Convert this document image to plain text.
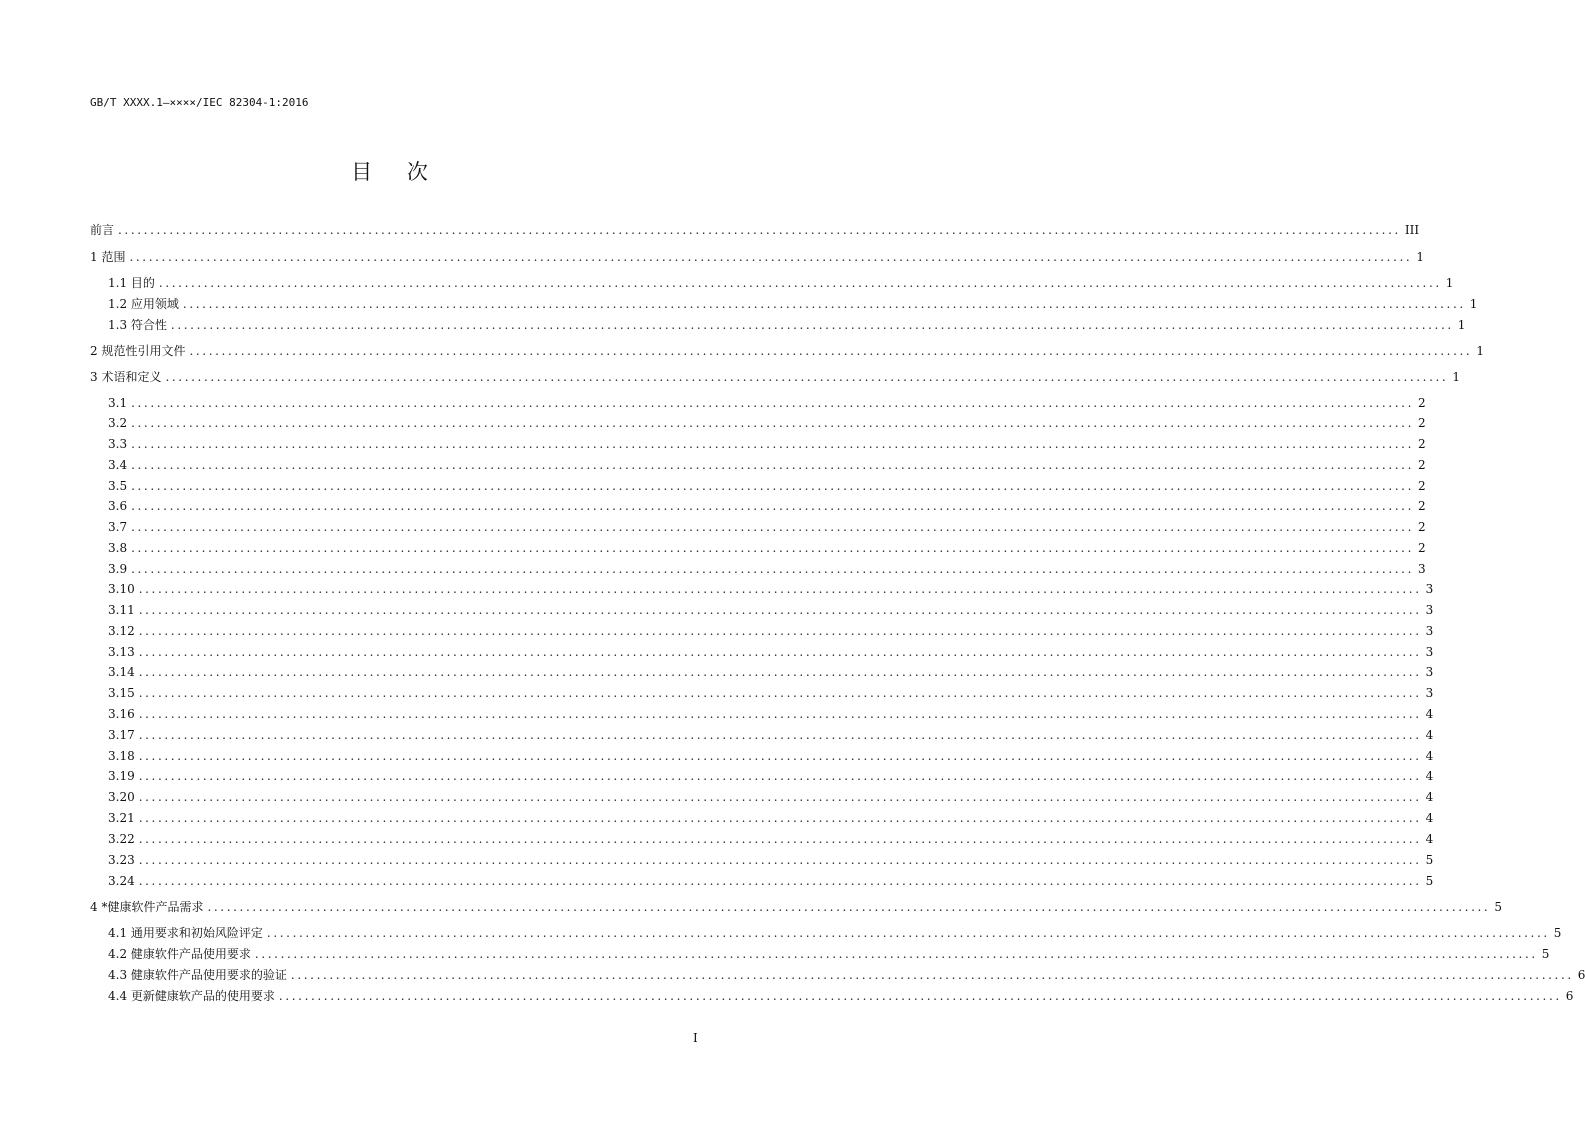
GB/T XXXX.1—××××/IEC 82304-1:2016
目 次
前言 ........................................................................................................................................................................................................ III
1 范围 ........................................................................................................................................................................................................ 1
1.1 目的 ........................................................................................................................................................................................................ 1
1.2 应用领域 ........................................................................................................................................................................................................ 1
1.3 符合性 ........................................................................................................................................................................................................ 1
2 规范性引用文件 ........................................................................................................................................................................................................ 1
3 术语和定义 ........................................................................................................................................................................................................ 1
3.1 ........................................................................................................................................................................................................ 2
3.2 ........................................................................................................................................................................................................ 2
3.3 ........................................................................................................................................................................................................ 2
3.4 ........................................................................................................................................................................................................ 2
3.5 ........................................................................................................................................................................................................ 2
3.6 ........................................................................................................................................................................................................ 2
3.7 ........................................................................................................................................................................................................ 2
3.8 ........................................................................................................................................................................................................ 2
3.9 ........................................................................................................................................................................................................ 3
3.10 ........................................................................................................................................................................................................ 3
3.11 ........................................................................................................................................................................................................ 3
3.12 ........................................................................................................................................................................................................ 3
3.13 ........................................................................................................................................................................................................ 3
3.14 ........................................................................................................................................................................................................ 3
3.15 ........................................................................................................................................................................................................ 3
3.16 ........................................................................................................................................................................................................ 4
3.17 ........................................................................................................................................................................................................ 4
3.18 ........................................................................................................................................................................................................ 4
3.19 ........................................................................................................................................................................................................ 4
3.20 ........................................................................................................................................................................................................ 4
3.21 ........................................................................................................................................................................................................ 4
3.22 ........................................................................................................................................................................................................ 4
3.23 ........................................................................................................................................................................................................ 5
3.24 ........................................................................................................................................................................................................ 5
4 *健康软件产品需求 ........................................................................................................................................................................................................ 5
4.1 通用要求和初始风险评定 ........................................................................................................................................................................................................ 5
4.2 健康软件产品使用要求 ........................................................................................................................................................................................................ 5
4.3 健康软件产品使用要求的验证 ........................................................................................................................................................................................................ 6
4.4 更新健康软产品的使用要求 ........................................................................................................................................................................................................ 6
I
